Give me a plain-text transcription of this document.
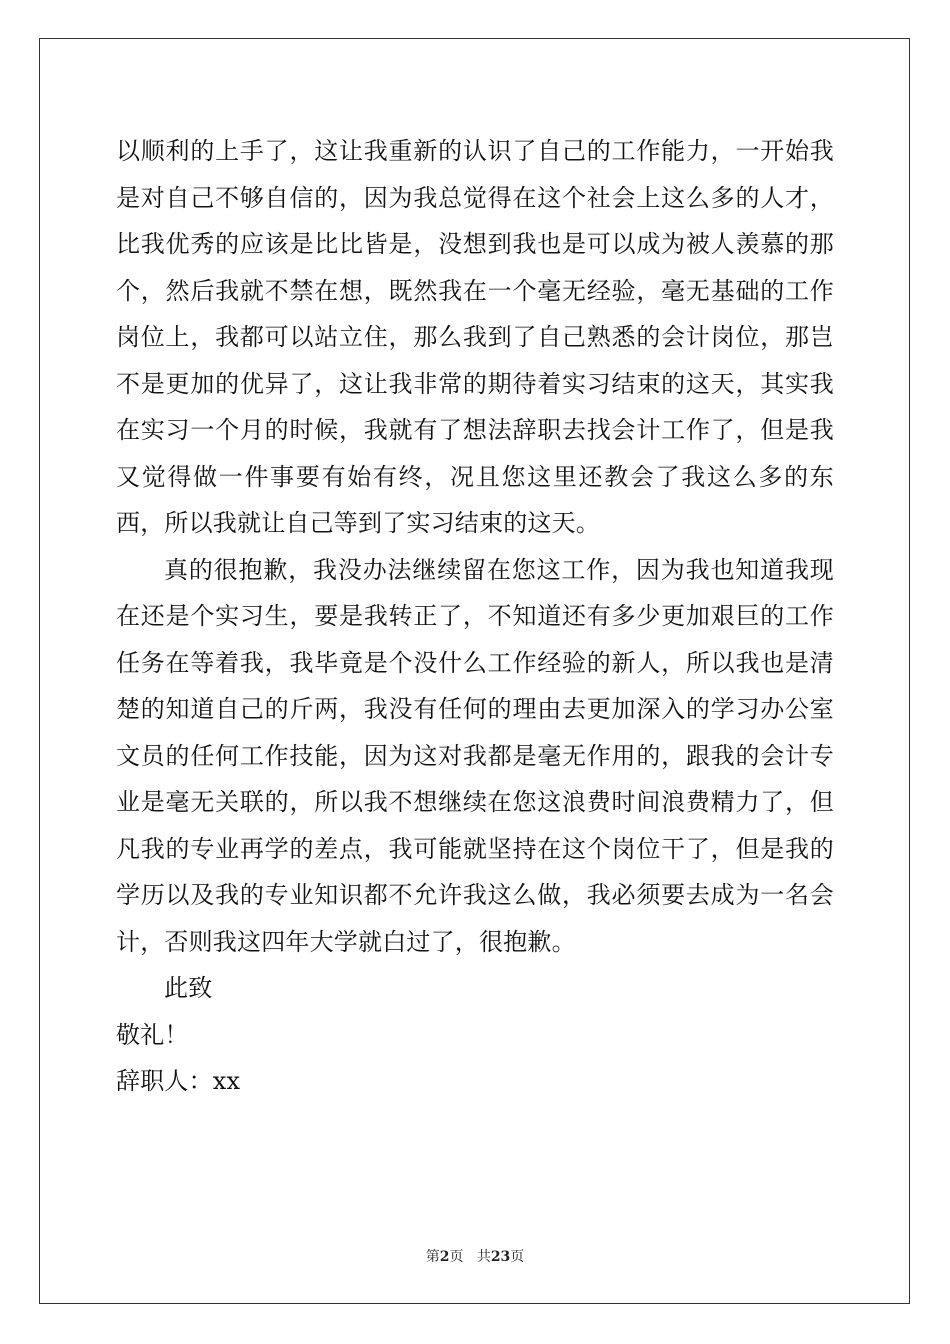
以顺利的上手了，这让我重新的认识了自己的工作能力，一开始我是对自己不够自信的，因为我总觉得在这个社会上这么多的人才，比我优秀的应该是比比皆是，没想到我也是可以成为被人羡慕的那个，然后我就不禁在想，既然我在一个毫无经验，毫无基础的工作岗位上，我都可以站立住，那么我到了自己熟悉的会计岗位，那岂不是更加的优异了，这让我非常的期待着实习结束的这天，其实我在实习一个月的时候，我就有了想法辞职去找会计工作了，但是我又觉得做一件事要有始有终，况且您这里还教会了我这么多的东西，所以我就让自己等到了实习结束的这天。

真的很抱歉，我没办法继续留在您这工作，因为我也知道我现在还是个实习生，要是我转正了，不知道还有多少更加艰巨的工作任务在等着我，我毕竟是个没什么工作经验的新人，所以我也是清楚的知道自己的斤两，我没有任何的理由去更加深入的学习办公室文员的任何工作技能，因为这对我都是毫无作用的，跟我的会计专业是毫无关联的，所以我不想继续在您这浪费时间浪费精力了，但凡我的专业再学的差点，我可能就坚持在这个岗位干了，但是我的学历以及我的专业知识都不允许我这么做，我必须要去成为一名会计，否则我这四年大学就白过了，很抱歉。

此致

敬礼！

辞职人：xx

第2页 共23页
